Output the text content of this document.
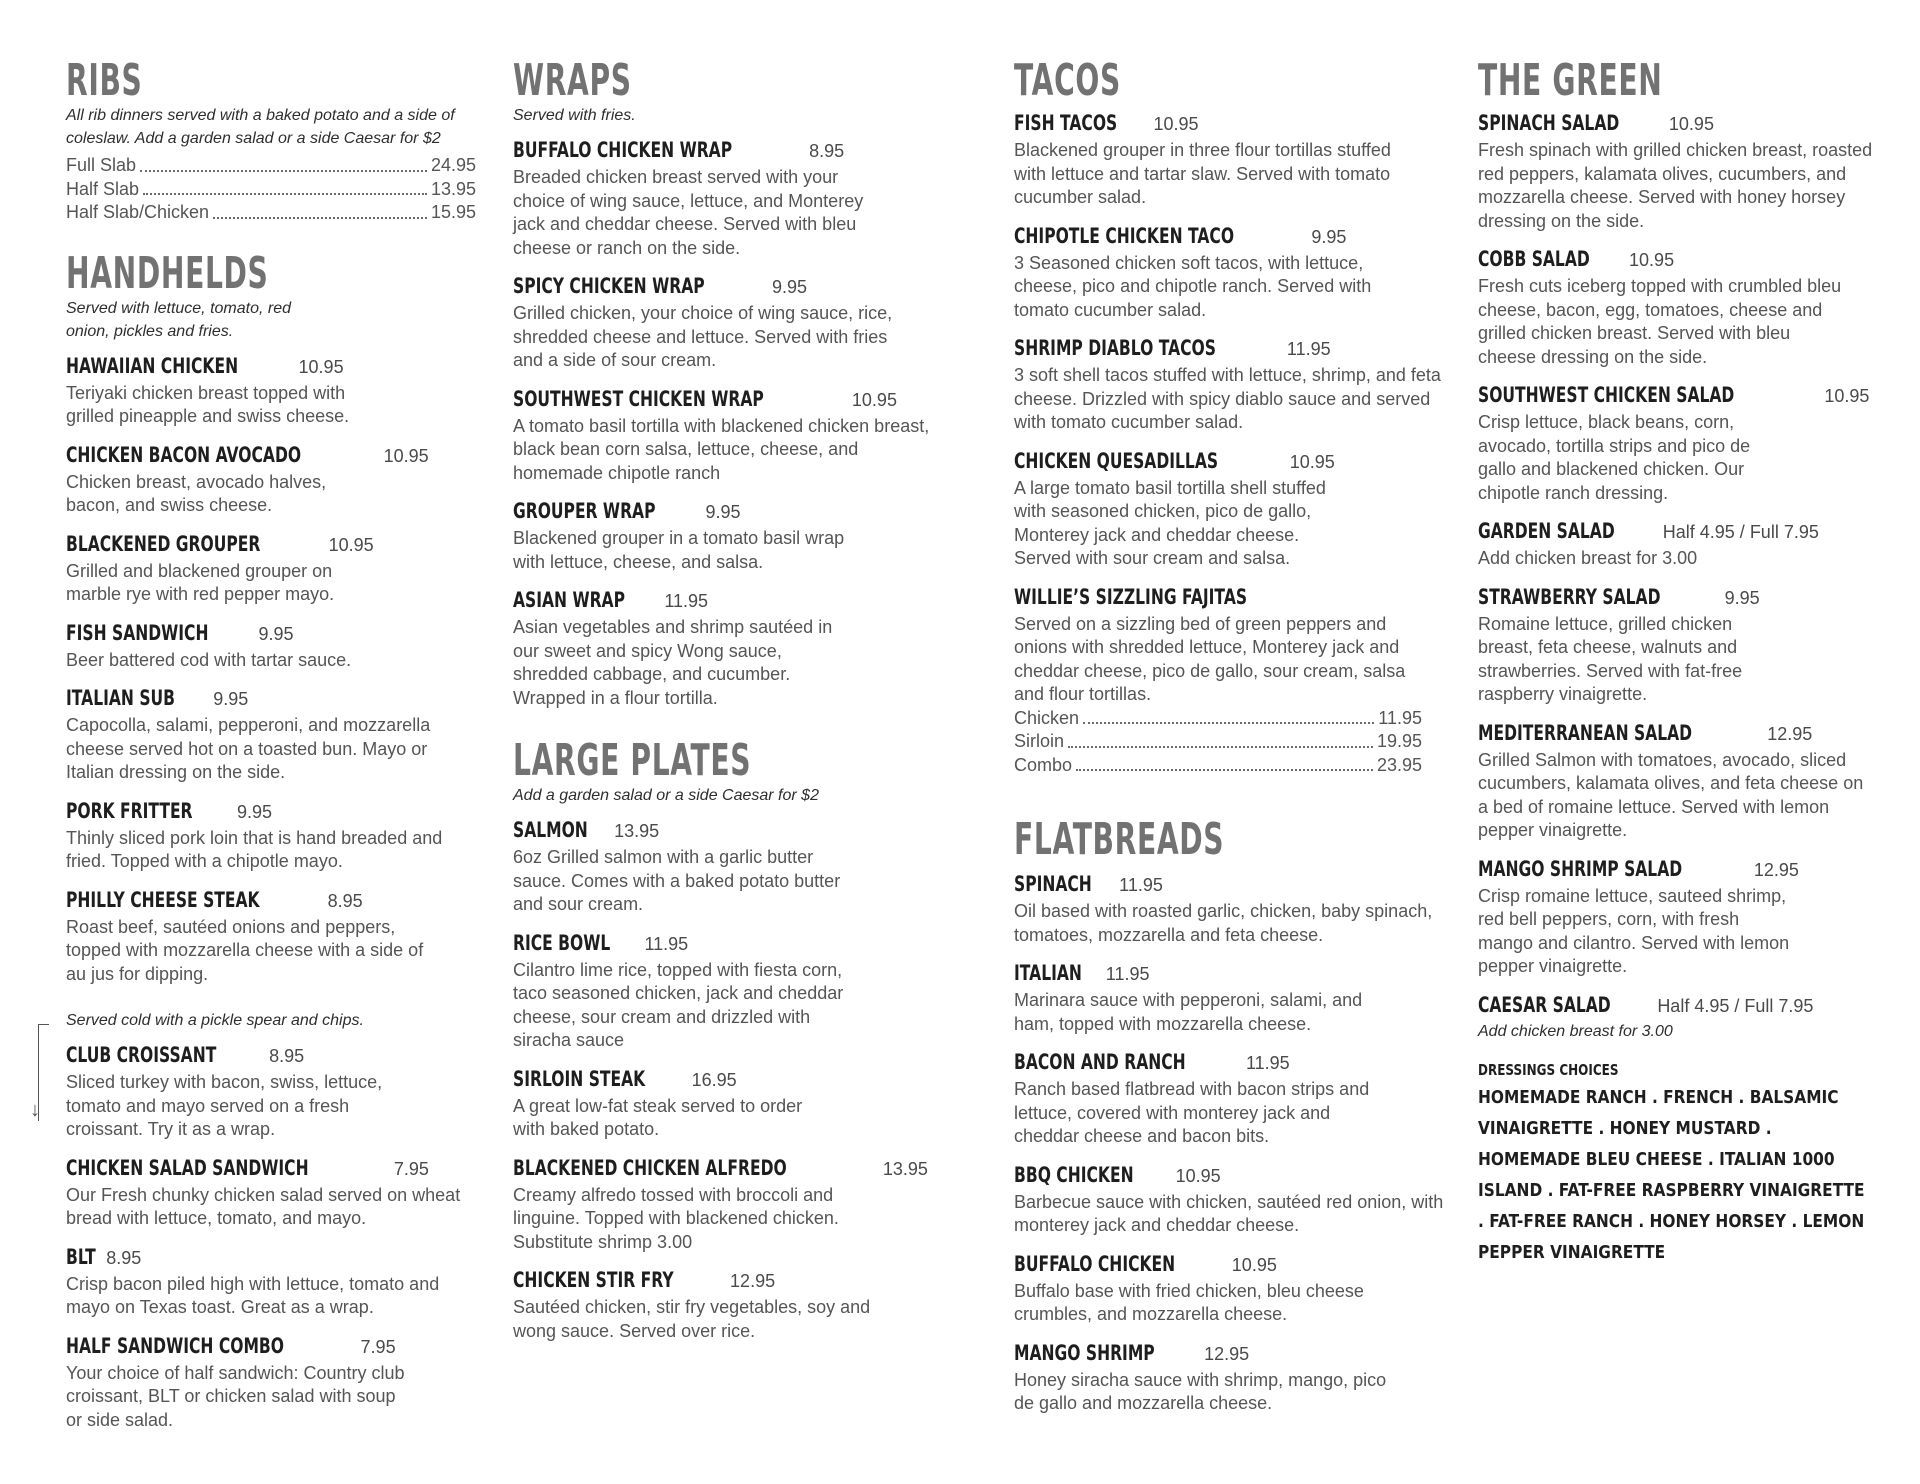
RIBS
All rib dinners served with a baked potato and a side of coleslaw. Add a garden salad or a side Caesar for $2
Full Slab	24.95
Half Slab	13.95
Half Slab/Chicken	15.95
HANDHELDS
Served with lettuce, tomato, red onion, pickles and fries.
HAWAIIAN CHICKEN	10.95
Teriyaki chicken breast topped with grilled pineapple and swiss cheese.
CHICKEN BACON AVOCADO	10.95
Chicken breast, avocado halves, bacon, and swiss cheese.
BLACKENED GROUPER	10.95
Grilled and blackened grouper on marble rye with red pepper mayo.
FISH SANDWICH	9.95
Beer battered cod with tartar sauce.
ITALIAN SUB 9.95
Capocolla, salami, pepperoni, and mozzarella cheese served hot on a toasted bun. Mayo or Italian dressing on the side.
PORK FRITTER 9.95
Thinly sliced pork loin that is hand breaded and fried. Topped with a chipotle mayo.
PHILLY CHEESE STEAK	8.95
Roast beef, sautéed onions and peppers, topped with mozzarella cheese with a side of au jus for dipping.
Served cold with a pickle spear and chips.
CLUB CROISSANT	8.95
Sliced turkey with bacon, swiss, lettuce, tomato and mayo served on a fresh croissant. Try it as a wrap.
CHICKEN SALAD SANDWICH	7.95
Our Fresh chunky chicken salad served on wheat bread with lettuce, tomato, and mayo.
BLT 8.95
Crisp bacon piled high with lettuce, tomato and mayo on Texas toast. Great as a wrap.
HALF SANDWICH COMBO	7.95
Your choice of half sandwich: Country club croissant, BLT or chicken salad with soup or side salad.
↓
WRAPS
Served with fries.
BUFFALO CHICKEN WRAP	8.95
Breaded chicken breast served with your choice of wing sauce, lettuce, and Monterey jack and cheddar cheese. Served with bleu cheese or ranch on the side.
SPICY CHICKEN WRAP	9.95
Grilled chicken, your choice of wing sauce, rice, shredded cheese and lettuce. Served with fries and a side of sour cream.
SOUTHWEST CHICKEN WRAP	10.95
A tomato basil tortilla with blackened chicken breast, black bean corn salsa, lettuce, cheese, and homemade chipotle ranch
GROUPER WRAP	9.95
Blackened grouper in a tomato basil wrap with lettuce, cheese, and salsa.
ASIAN WRAP 11.95
Asian vegetables and shrimp sautéed in our sweet and spicy Wong sauce, shredded cabbage, and cucumber. Wrapped in a flour tortilla.
LARGE PLATES
Add a garden salad or a side Caesar for $2
SALMON 13.95
6oz Grilled salmon with a garlic butter sauce. Comes with a baked potato butter and sour cream.
RICE BOWL 11.95
Cilantro lime rice, topped with fiesta corn, taco seasoned chicken, jack and cheddar cheese, sour cream and drizzled with siracha sauce
SIRLOIN STEAK	16.95
A great low-fat steak served to order with baked potato.
BLACKENED CHICKEN ALFREDO	13.95
Creamy alfredo tossed with broccoli and linguine. Topped with blackened chicken. Substitute shrimp 3.00
CHICKEN STIR FRY	12.95
Sautéed chicken, stir fry vegetables, soy and wong sauce. Served over rice.
TACOS
FISH TACOS 10.95
Blackened grouper in three flour tortillas stuffed with lettuce and tartar slaw. Served with tomato cucumber salad.
CHIPOTLE CHICKEN TACO	9.95
3 Seasoned chicken soft tacos, with lettuce, cheese, pico and chipotle ranch. Served with tomato cucumber salad.
SHRIMP DIABLO TACOS	11.95
3 soft shell tacos stuffed with lettuce, shrimp, and feta cheese. Drizzled with spicy diablo sauce and served with tomato cucumber salad.
CHICKEN QUESADILLAS	10.95
A large tomato basil tortilla shell stuffed with seasoned chicken, pico de gallo, Monterey jack and cheddar cheese. Served with sour cream and salsa.
WILLIE’S SIZZLING FAJITAS
Served on a sizzling bed of green peppers and onions with shredded lettuce, Monterey jack and cheddar cheese, pico de gallo, sour cream, salsa and flour tortillas.
Chicken	11.95
Sirloin	19.95
Combo	23.95
FLATBREADS
SPINACH 11.95
Oil based with roasted garlic, chicken, baby spinach, tomatoes, mozzarella and feta cheese.
ITALIAN 11.95
Marinara sauce with pepperoni, salami, and ham, topped with mozzarella cheese.
BACON AND RANCH	11.95
Ranch based flatbread with bacon strips and lettuce, covered with monterey jack and cheddar cheese and bacon bits.
BBQ CHICKEN 10.95
Barbecue sauce with chicken, sautéed red onion, with monterey jack and cheddar cheese.
BUFFALO CHICKEN	10.95
Buffalo base with fried chicken, bleu cheese crumbles, and mozzarella cheese.
MANGO SHRIMP	12.95
Honey siracha sauce with shrimp, mango, pico de gallo and mozzarella cheese.
THE GREEN
SPINACH SALAD	10.95
Fresh spinach with grilled chicken breast, roasted red peppers, kalamata olives, cucumbers, and mozzarella cheese. Served with honey horsey dressing on the side.
COBB SALAD 10.95
Fresh cuts iceberg topped with crumbled bleu cheese, bacon, egg, tomatoes, cheese and grilled chicken breast. Served with bleu cheese dressing on the side.
SOUTHWEST CHICKEN SALAD	10.95
Crisp lettuce, black beans, corn, avocado, tortilla strips and pico de gallo and blackened chicken. Our chipotle ranch dressing.
GARDEN SALAD	Half 4.95 / Full 7.95
Add chicken breast for 3.00
STRAWBERRY SALAD	9.95
Romaine lettuce, grilled chicken breast, feta cheese, walnuts and strawberries. Served with fat-free raspberry vinaigrette.
MEDITERRANEAN SALAD	12.95
Grilled Salmon with tomatoes, avocado, sliced cucumbers, kalamata olives, and feta cheese on a bed of romaine lettuce. Served with lemon pepper vinaigrette.
MANGO SHRIMP SALAD	12.95
Crisp romaine lettuce, sauteed shrimp, red bell peppers, corn, with fresh mango and cilantro. Served with lemon pepper vinaigrette.
CAESAR SALAD	Half 4.95 / Full 7.95
Add chicken breast for 3.00
DRESSINGS CHOICES
HOMEMADE RANCH . FRENCH . BALSAMIC VINAIGRETTE . HONEY MUSTARD . HOMEMADE BLEU CHEESE . ITALIAN 1000 ISLAND . FAT-FREE RASPBERRY VINAIGRETTE . FAT-FREE RANCH . HONEY HORSEY . LEMON PEPPER VINAIGRETTE
